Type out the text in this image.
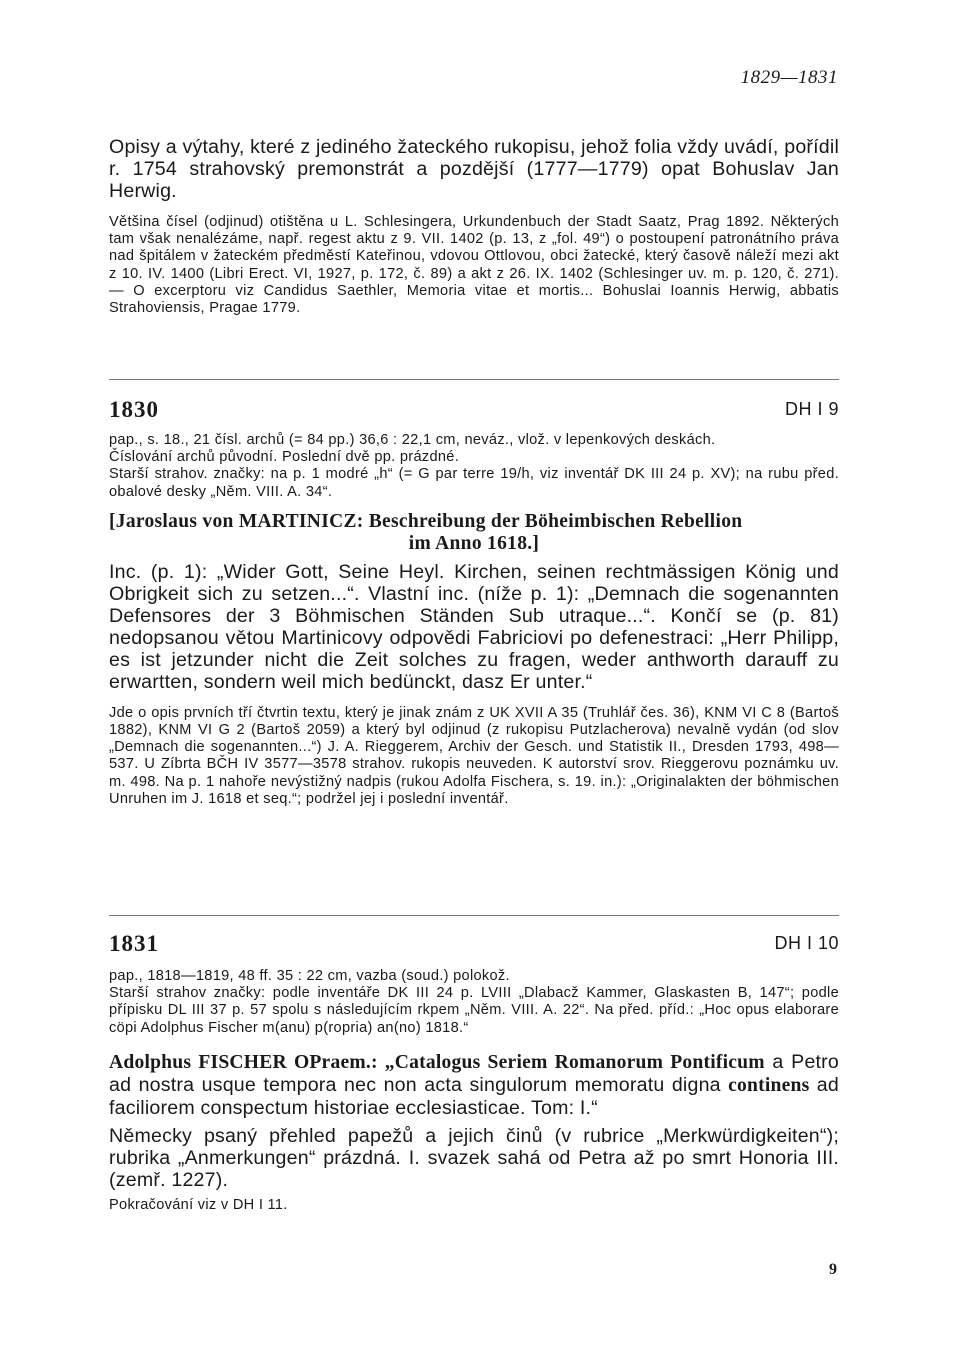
1829—1831

Opisy a výtahy, které z jediného žateckého rukopisu, jehož folia vždy uvádí, pořídil r. 1754 strahovský premonstrát a pozdější (1777—1779) opat Bohuslav Jan Herwig.

Většina čísel (odjinud) otištěna u L. Schlesingera, Urkundenbuch der Stadt Saatz, Prag 1892. Některých tam však nenalézáme, např. regest aktu z 9. VII. 1402 (p. 13, z „fol. 49“) o postoupení patronátního práva nad špitálem v žateckém předměstí Kateřinou, vdovou Ottlovou, obci žatecké, který časově náleží mezi akt z 10. IV. 1400 (Libri Erect. VI, 1927, p. 172, č. 89) a akt z 26. IX. 1402 (Schlesinger uv. m. p. 120, č. 271). — O excerptoru viz Candidus Saethler, Memoria vitae et mortis... Bohuslai Ioannis Herwig, abbatis Strahoviensis, Pragae 1779.

1830	DH I 9

pap., s. 18., 21 čísl. archů (= 84 pp.) 36,6 : 22,1 cm, neváz., vlož. v lepenkových deskách.

Číslování archů původní. Poslední dvě pp. prázdné.

Starší strahov. značky: na p. 1 modré „h“ (= G par terre 19/h, viz inventář DK III 24 p. XV); na rubu před. obalové desky „Něm. VIII. A. 34“.

[Jaroslaus von MARTINICZ: Beschreibung der Böheimbischen Rebellion
im Anno 1618.]

Inc. (p. 1): „Wider Gott, Seine Heyl. Kirchen, seinen rechtmässigen König und Obrigkeit sich zu setzen...“. Vlastní inc. (níže p. 1): „Demnach die sogenannten Defensores der 3 Böhmischen Ständen Sub utraque...“. Končí se (p. 81) nedopsanou větou Martinicovy odpovědi Fabriciovi po defenestraci: „Herr Philipp, es ist jetzunder nicht die Zeit solches zu fragen, weder anthworth darauff zu erwartten, sondern weil mich bedünckt, dasz Er unter.“

Jde o opis prvních tří čtvrtin textu, který je jinak znám z UK XVII A 35 (Truhlář čes. 36), KNM VI C 8 (Bartoš 1882), KNM VI G 2 (Bartoš 2059) a který byl odjinud (z rukopisu Putzlacherova) nevalně vydán (od slov „Demnach die sogenannten...“) J. A. Rieggerem, Archiv der Gesch. und Statistik II., Dresden 1793, 498—537. U Zíbrta BČH IV 3577—3578 strahov. rukopis neuveden. K autorství srov. Rieggerovu poznámku uv. m. 498. Na p. 1 nahoře nevýstižný nadpis (rukou Adolfa Fischera, s. 19. in.): „Originalakten der böhmischen Unruhen im J. 1618 et seq.“; podržel jej i poslední inventář.

1831	DH I 10

pap., 1818—1819, 48 ff. 35 : 22 cm, vazba (soud.) polokož.

Starší strahov značky: podle inventáře DK III 24 p. LVIII „Dlabacž Kammer, Glaskasten B, 147“; podle přípisku DL III 37 p. 57 spolu s následujícím rkpem „Něm. VIII. A. 22“. Na před. příd.: „Hoc opus elaborare cöpi Adolphus Fischer m(anu) p(ropria) an(no) 1818.“

Adolphus FISCHER OPraem.: „Catalogus Seriem Romanorum Pontificum a Petro ad nostra usque tempora nec non acta singulorum memoratu digna continens ad faciliorem conspectum historiae ecclesiasticae. Tom: I.“

Německy psaný přehled papežů a jejich činů (v rubrice „Merkwürdigkeiten“); rubrika „Anmerkungen“ prázdná. I. svazek sahá od Petra až po smrt Honoria III. (zemř. 1227).

Pokračování viz v DH I 11.

9
